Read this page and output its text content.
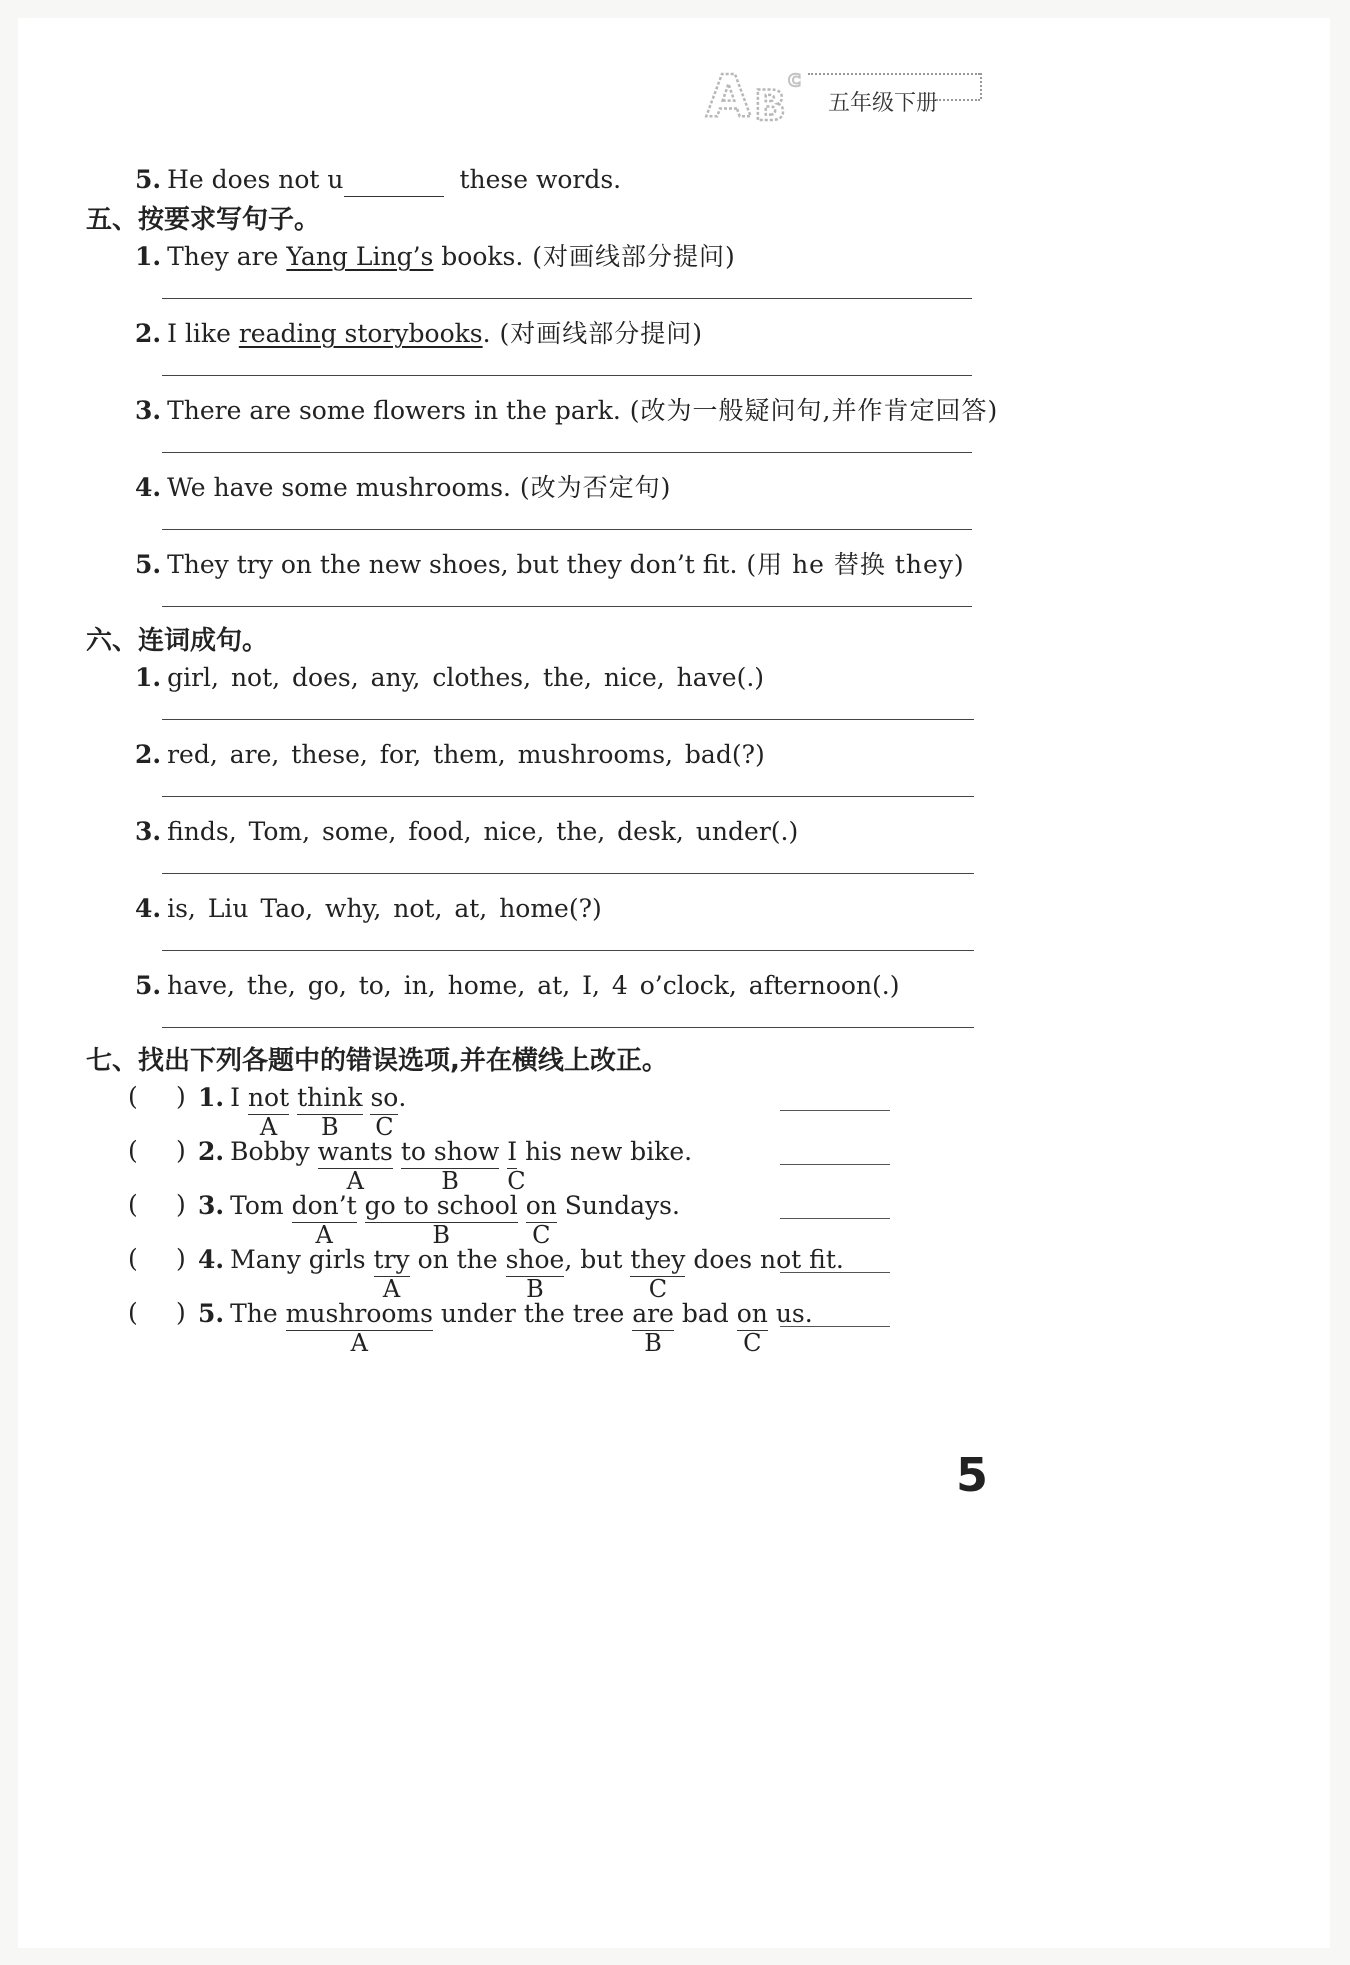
A B
c
五年级下册
5. He does not u	these words.
五、按要求写句子。
1. They are Yang Ling’s books. (对画线部分提问)
2. I like reading storybooks. (对画线部分提问)
3. There are some flowers in the park. (改为一般疑问句,并作肯定回答)
4. We have some mushrooms. (改为否定句)
5. They try on the new shoes, but they don’t fit. (用 he 替换 they)
六、连词成句。
1. girl, not, does, any, clothes, the, nice, have(.)
2. red, are, these, for, them, mushrooms, bad(?)
3. finds, Tom, some, food, nice, the, desk, under(.)
4. is, Liu Tao, why, not, at, home(?)
5. have, the, go, to, in, home, at, I, 4 o’clock, afternoon(.)
七、找出下列各题中的错误选项,并在横线上改正。
( ) 1. I not
A
think
B
so
C
.
( ) 2. Bobby wants
A
to show
B
I
C
his new bike.
( ) 3. Tom don’t
A
go to school
B
on
C
Sundays.
( ) 4. Many girls try
A
on the shoe
B
, but they
C
does not fit.
( ) 5. The mushrooms
A
under the tree are
B
bad on
C
us.
5
